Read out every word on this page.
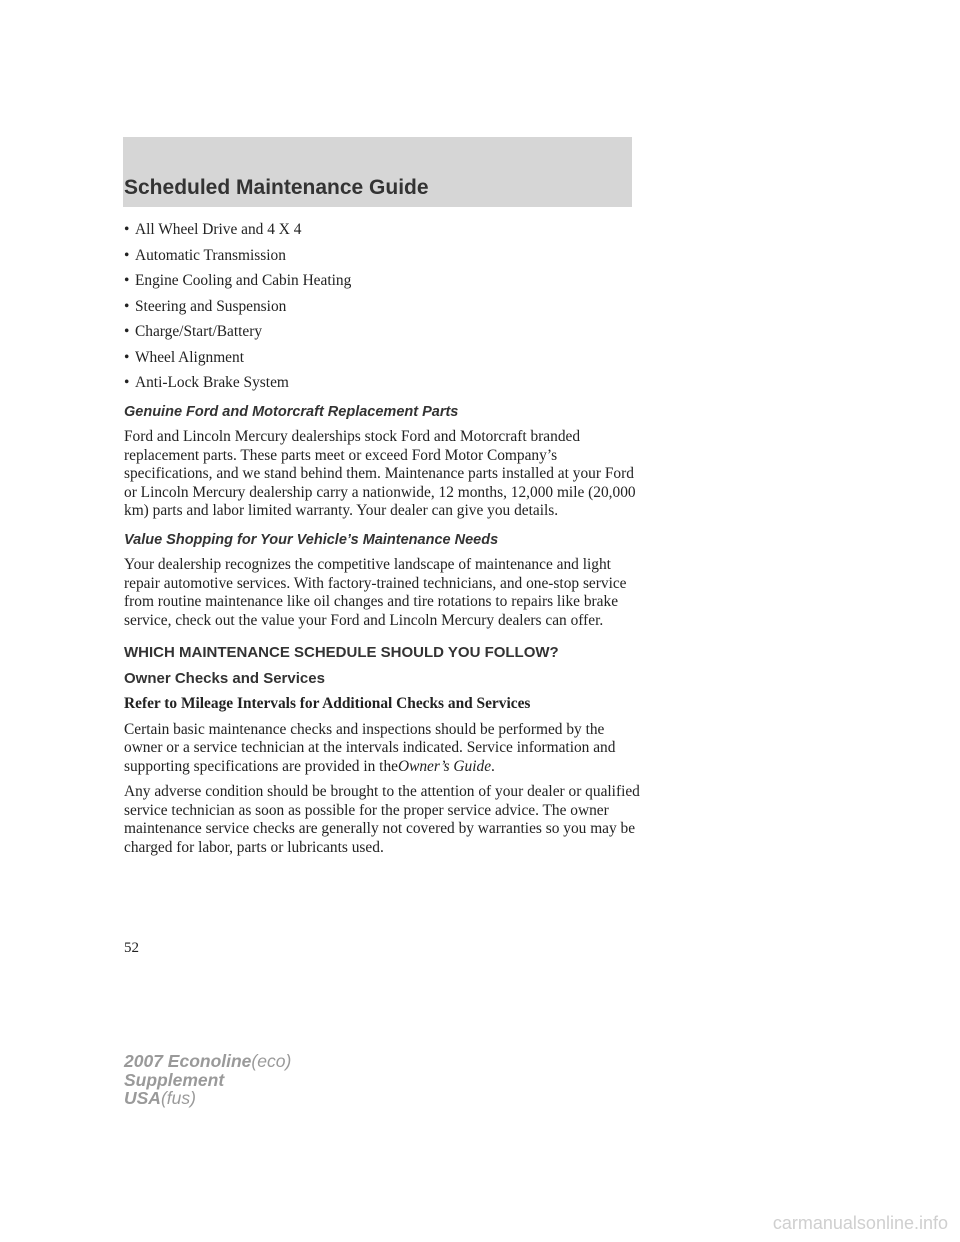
Scheduled Maintenance Guide
• All Wheel Drive and 4 X 4
• Automatic Transmission
• Engine Cooling and Cabin Heating
• Steering and Suspension
• Charge/Start/Battery
• Wheel Alignment
• Anti-Lock Brake System
Genuine Ford and Motorcraft Replacement Parts

Ford and Lincoln Mercury dealerships stock Ford and Motorcraft branded replacement parts. These parts meet or exceed Ford Motor Company’s specifications, and we stand behind them. Maintenance parts installed at your Ford or Lincoln Mercury dealership carry a nationwide, 12 months, 12,000 mile (20,000 km) parts and labor limited warranty. Your dealer can give you details.

Value Shopping for Your Vehicle’s Maintenance Needs

Your dealership recognizes the competitive landscape of maintenance and light repair automotive services. With factory-trained technicians, and one-stop service from routine maintenance like oil changes and tire rotations to repairs like brake service, check out the value your Ford and Lincoln Mercury dealers can offer.

WHICH MAINTENANCE SCHEDULE SHOULD YOU FOLLOW?
Owner Checks and Services
Refer to Mileage Intervals for Additional Checks and Services

Certain basic maintenance checks and inspections should be performed by the owner or a service technician at the intervals indicated. Service information and supporting specifications are provided in theOwner’s Guide.

Any adverse condition should be brought to the attention of your dealer or qualified service technician as soon as possible for the proper service advice. The owner maintenance service checks are generally not covered by warranties so you may be charged for labor, parts or lubricants used.

52
2007 Econoline(eco)
Supplement
USA(fus)
carmanualsonline.info
